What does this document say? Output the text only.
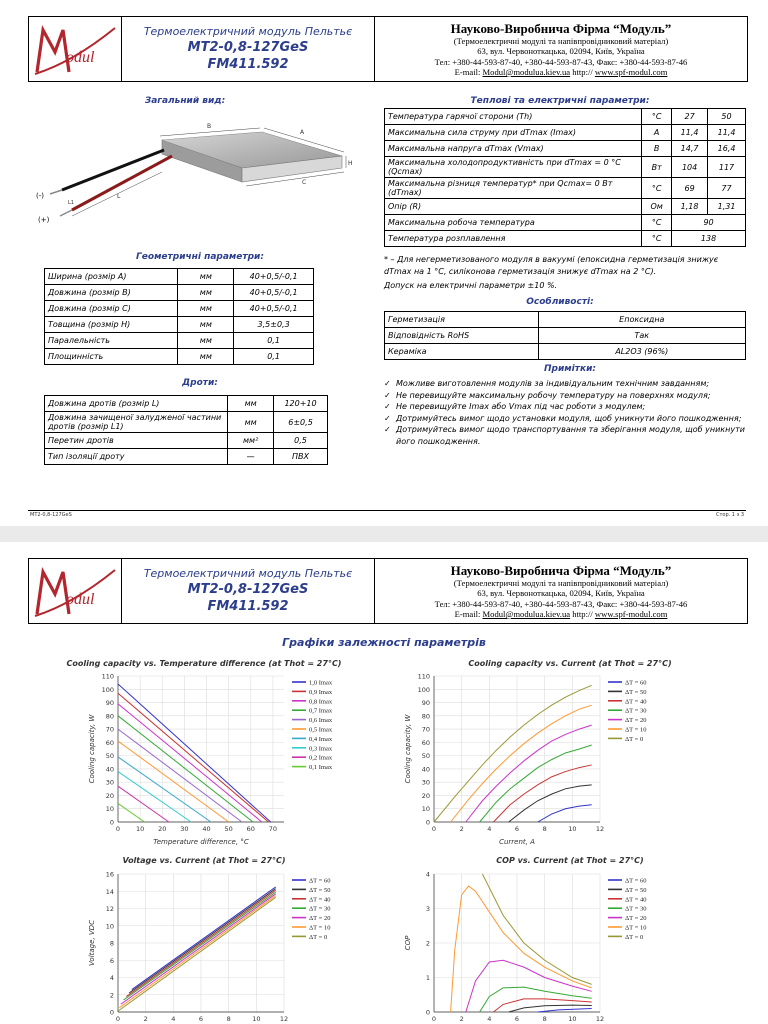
odul
Термоелектричний модуль Пельтьє
MT2-0,8-127GeS
FM411.592
Науково-Виробнича Фірма “Модуль”
(Термоелектричні модулі та напівпровідниковий матеріал)
63, вул. Червоноткацька, 02094, Київ, Україна
Тел: +380-44-593-87-40, +380-44-593-87-43, Факс: +380-44-593-87-46
E-mail: Modul@modulua.kiev.ua http:// www.spf-modul.com
Загальний вид:
B
A
C
H
L
L1
(-)
(+)
Геометричні параметри:
Ширина (розмір A)	мм	40+0,5/-0,1
Довжина (розмір B)	мм	40+0,5/-0,1
Довжина (розмір C)	мм	40+0,5/-0,1
Товщина (розмір H)	мм	3,5±0,3
Паралельність	мм	0,1
Площинність	мм	0,1
Дроти:
Довжина дротів (розмір L)	мм	120+10
Довжина зачищеної залудженої частини дротів (розмір L1)	мм	6±0,5
Перетин дротів	мм²	0,5
Тип ізоляції дроту	—	ПВХ
Теплові та електричні параметри:
Температура гарячої сторони (Th)	°C	27	50
Максимальна сила струму при dTmax (Imax)	A	11,4	11,4
Максимальна напруга dTmax (Vmax)	B	14,7	16,4
Максимальна холодопродуктивність при dTmax = 0 °C (Qcmax)	Вт	104	117
Максимальна різниця температур* при Qcmax= 0 Вт (dTmax)	°C	69	77
Опір (R)	Ом	1,18	1,31
Максимальна робоча температура	°C	90	
Температура розплавлення	°C	138	
* – Для негерметизованого модуля в вакуумі (епоксидна герметизація знижує dTmax на 1 °C, силіконова герметизація знижує dTmax на 2 °C).
Допуск на електричні параметри ±10 %.
Особливості:
Герметизація	Епоксидна
Відповідність RoHS	Так
Кераміка	AL2O3 (96%)
Примітки:
✓ Можливе виготовлення модулів за індивідуальним технічним завданням;
✓ Не перевищуйте максимальну робочу температуру на поверхнях модуля;
✓ Не перевищуйте Imax або Vmax під час роботи з модулем;
✓ Дотримуйтесь вимог щодо установки модуля, щоб уникнути його пошкодження;
✓ Дотримуйтесь вимог щодо транспортування та зберігання модуля, щоб уникнути його пошкодження.
MT2-0,8-127GeS	Стор. 1 з 3
odul
Термоелектричний модуль Пельтьє
MT2-0,8-127GeS
FM411.592
Науково-Виробнича Фірма “Модуль”
(Термоелектричні модулі та напівпровідниковий матеріал)
63, вул. Червоноткацька, 02094, Київ, Україна
Тел: +380-44-593-87-40, +380-44-593-87-43, Факс: +380-44-593-87-46
E-mail: Modul@modulua.kiev.ua http:// www.spf-modul.com
Графіки залежності параметрів
Cooling capacity vs. Temperature difference (at Thot = 27°C)
0
10
20
30
40
50
60
70
80
90
100
110
0 10 20 30 40 50 60 70
Temperature difference, °C
Cooling capacity, W
1,0 Imax
0,9 Imax
0,8 Imax
0,7 Imax
0,6 Imax
0,5 Imax
0,4 Imax
0,3 Imax
0,2 Imax
0,1 Imax
Cooling capacity vs. Current (at Thot = 27°C)
0
10
20
30
40
50
60
70
80
90
100
110
0	2	4	6	8	10	12
Current, A
Cooling capacity, W
ΔT = 60
ΔT = 50
ΔT = 40
ΔT = 30
ΔT = 20
ΔT = 10
ΔT = 0
Voltage vs. Current (at Thot = 27°C)
0
2
4
6
8
10
12
14
16
0	2	4	6	8	10	12
Voltage, VDC
ΔT = 60
ΔT = 50
ΔT = 40
ΔT = 30
ΔT = 20
ΔT = 10
ΔT = 0
COP vs. Current (at Thot = 27°C)
0
1
2
3
4
0	2	4	6	8	10	12
COP
ΔT = 60
ΔT = 50
ΔT = 40
ΔT = 30
ΔT = 20
ΔT = 10
ΔT = 0
